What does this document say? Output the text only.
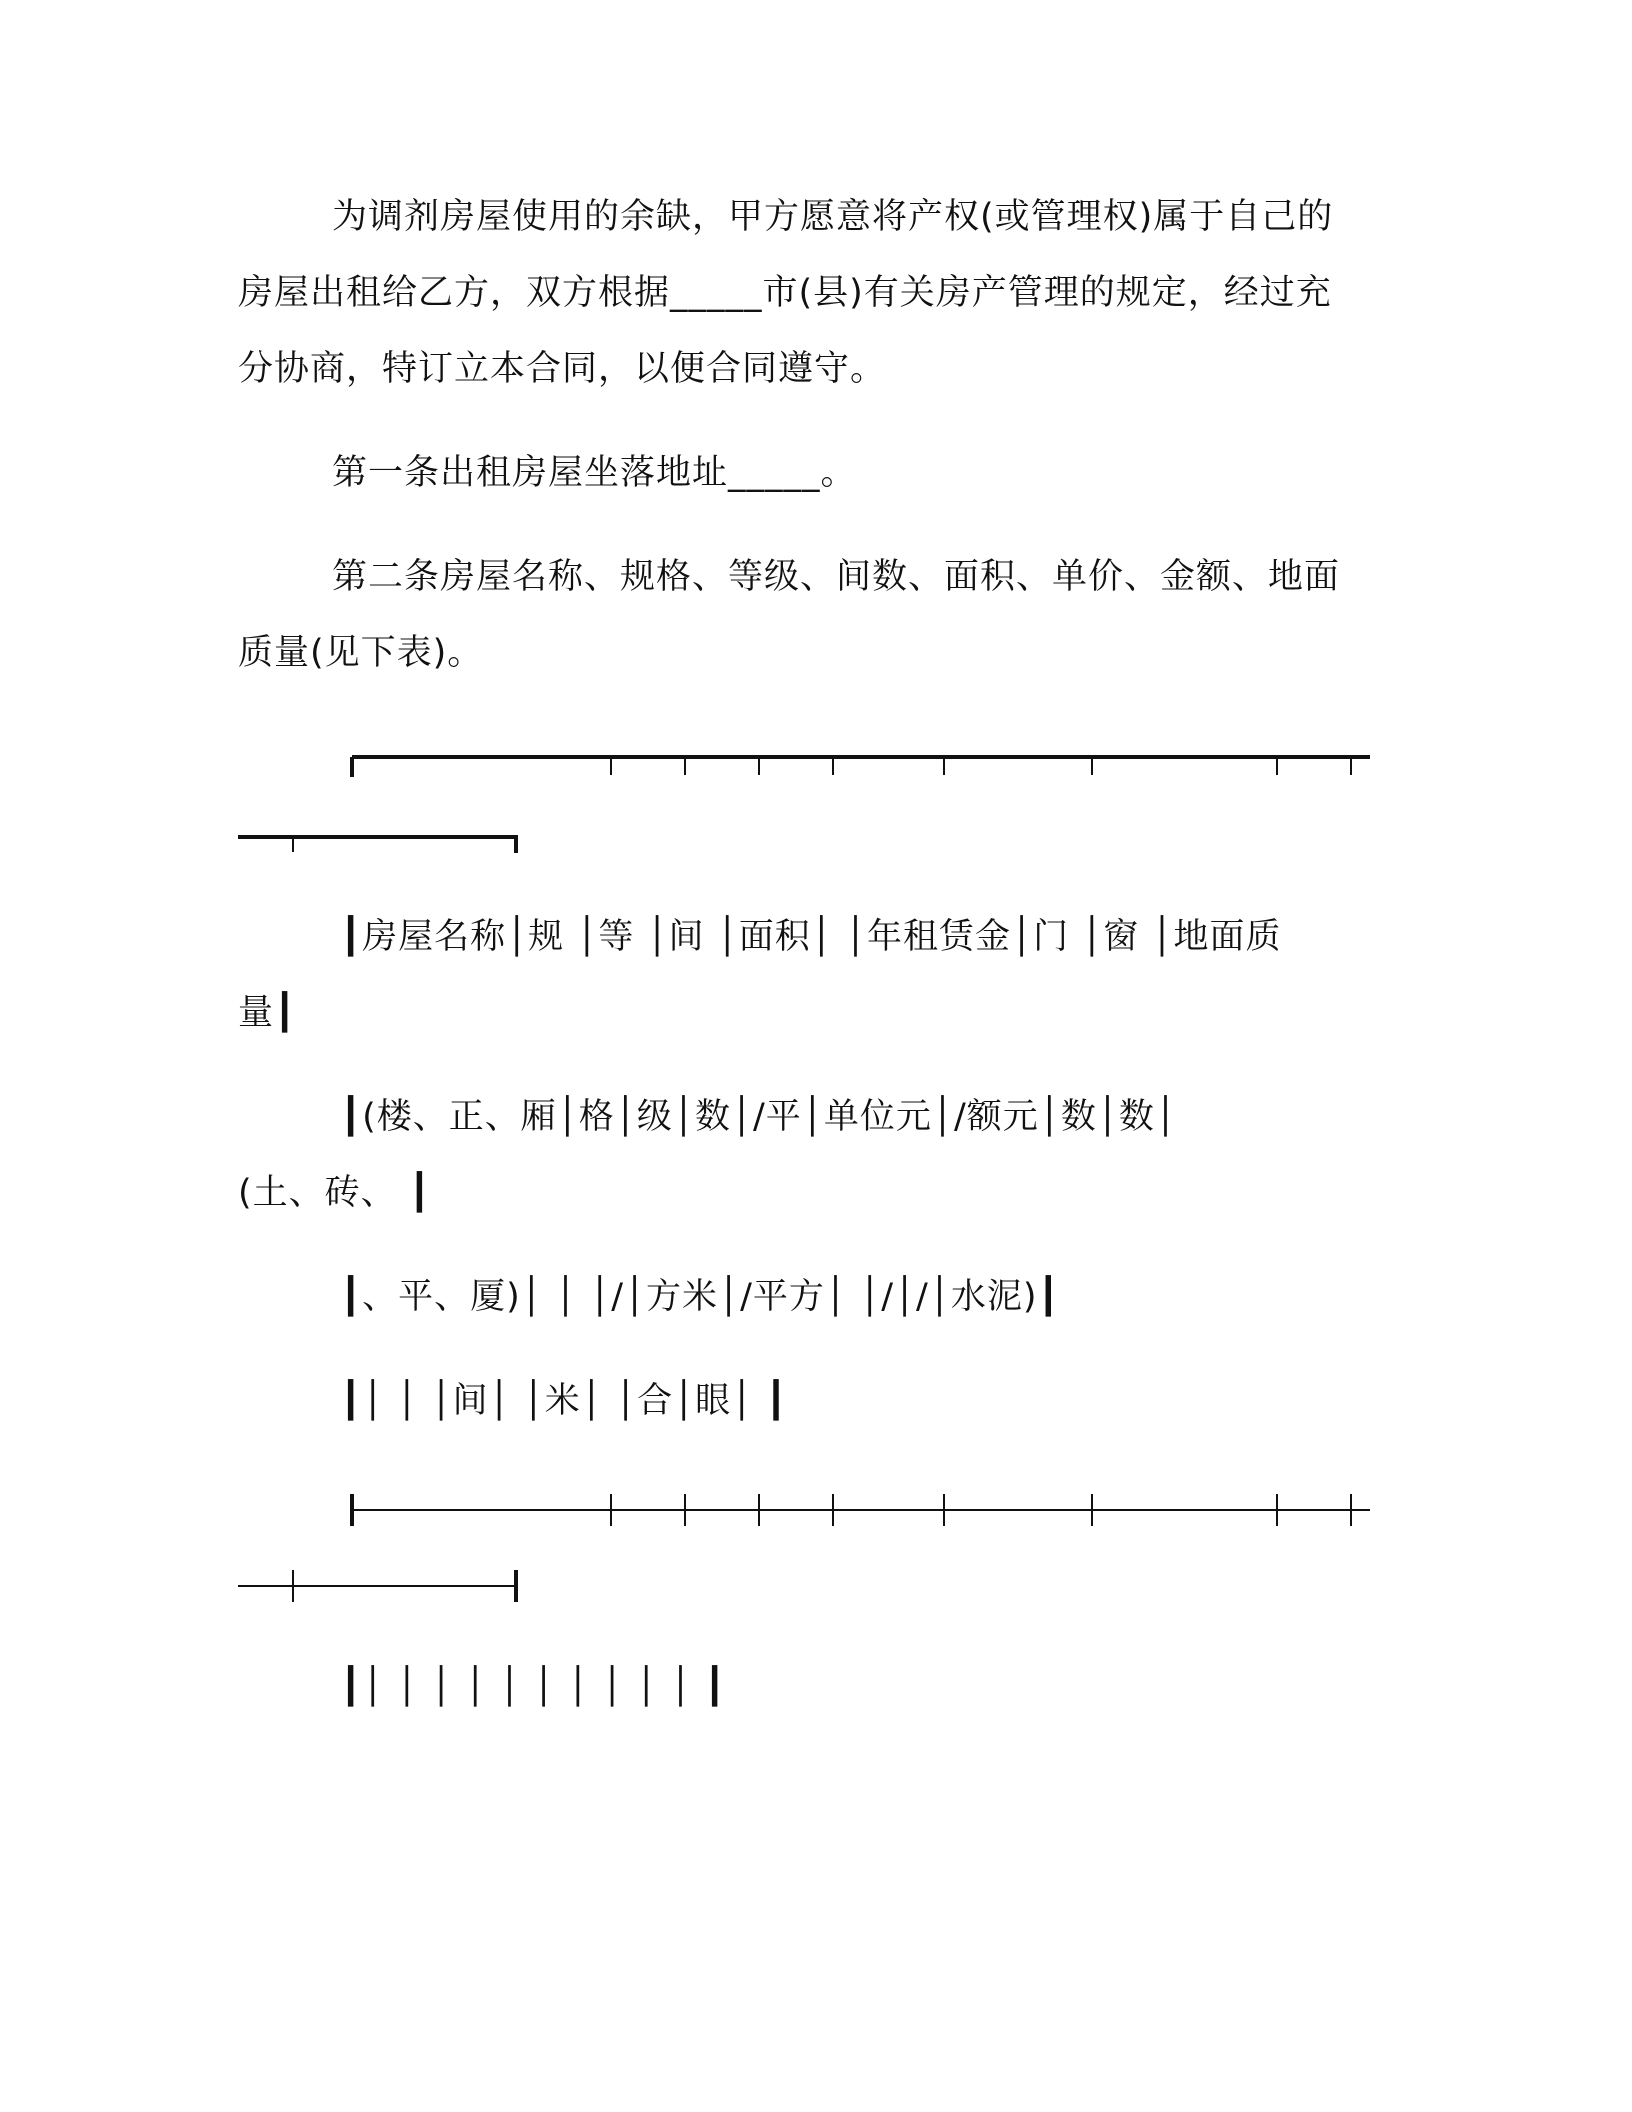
为调剂房屋使用的余缺，甲方愿意将产权(或管理权)属于自己的
房屋出租给乙方，双方根据_____市(县)有关房产管理的规定，经过充
分协商，特订立本合同，以便合同遵守。
第一条出租房屋坐落地址_____。
第二条房屋名称、规格、等级、间数、面积、单价、金额、地面
质量(见下表)。
┃房屋名称│规 │等 │间 │面积│ │年租赁金│门 │窗 │地面质
量┃
┃(楼、正、厢│格│级│数│/平│单位元│/额元│数│数│
(土、砖、 ┃
┃、平、厦)│ │ │/│方米│/平方│ │/│/│水泥)┃
┃│ │ │间│ │米│ │合│眼│ ┃
┃│ │ │ │ │ │ │ │ │ │ ┃
